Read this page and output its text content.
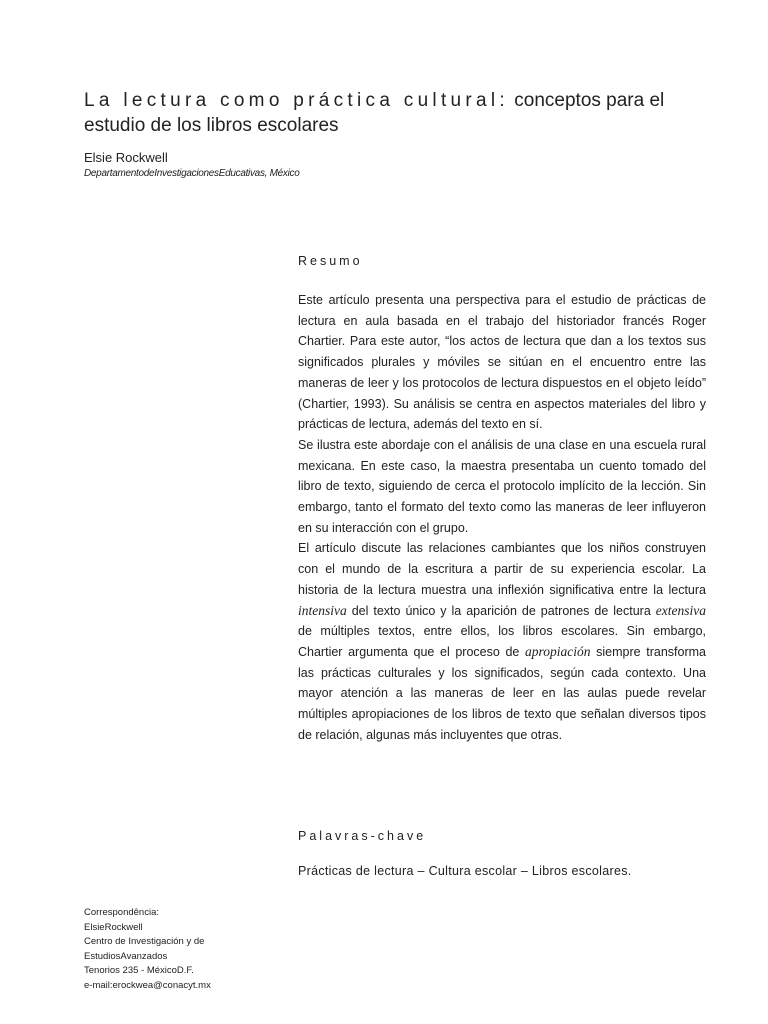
La lectura como práctica cultural: conceptos para el estudio de los libros escolares
Elsie Rockwell
DepartamentodeInvestigacionesEducativas, México
Resumo

Este artículo presenta una perspectiva para el estudio de prácticas de lectura en aula basada en el trabajo del historiador francés Roger Chartier. Para este autor, “los actos de lectura que dan a los textos sus significados plurales y móviles se sitúan en el encuentro entre las maneras de leer y los protocolos de lectura dispuestos en el objeto leído” (Chartier, 1993). Su análisis se centra en aspectos materiales del libro y prácticas de lectura, además del texto en sí.

Se ilustra este abordaje con el análisis de una clase en una escuela rural mexicana. En este caso, la maestra presentaba un cuento tomado del libro de texto, siguiendo de cerca el protocolo implícito de la lección. Sin embargo, tanto el formato del texto como las maneras de leer influyeron en su interacción con el grupo.

El artículo discute las relaciones cambiantes que los niños construyen con el mundo de la escritura a partir de su experiencia escolar. La historia de la lectura muestra una inflexión significativa entre la lectura intensiva del texto único y la aparición de patrones de lectura extensiva de múltiples textos, entre ellos, los libros escolares. Sin embargo, Chartier argumenta que el proceso de apropiación siempre transforma las prácticas culturales y los significados, según cada contexto. Una mayor atención a las maneras de leer en las aulas puede revelar múltiples apropiaciones de los libros de texto que señalan diversos tipos de relación, algunas más incluyentes que otras.

Palavras-chave
Prácticas de lectura – Cultura escolar – Libros escolares.
Correspondência:
ElsieRockwell
Centro de Investigación y de
EstudiosAvanzados
Tenorios 235 - MéxicoD.F.
e-mail:erockwea@conacyt.mx
